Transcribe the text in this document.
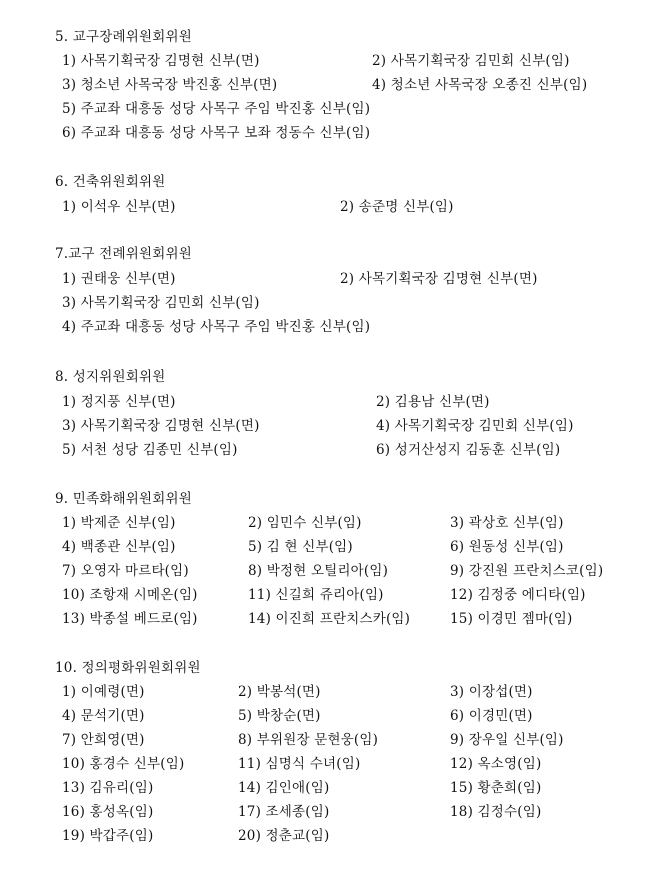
5. 교구장례위원회위원
1) 사목기획국장 김명현 신부(면)	2) 사목기획국장 김민회 신부(임)
3) 청소년 사목국장 박진홍 신부(면)	4) 청소년 사목국장 오종진 신부(임)
5) 주교좌 대흥동 성당 사목구 주임 박진홍 신부(임)
6) 주교좌 대흥동 성당 사목구 보좌 정동수 신부(임)
6. 건축위원회위원
1) 이석우 신부(면)	2) 송준명 신부(임)
7.교구 전례위원회위원
1) 권태웅 신부(면)	2) 사목기획국장 김명현 신부(면)
3) 사목기획국장 김민회 신부(임)
4) 주교좌 대흥동 성당 사목구 주임 박진홍 신부(임)
8. 성지위원회위원
1) 정지풍 신부(면)	2) 김용남 신부(면)
3) 사목기획국장 김명현 신부(면)	4) 사목기획국장 김민회 신부(임)
5) 서천 성당 김종민 신부(임)	6) 성거산성지 김동훈 신부(임)
9. 민족화해위원회위원
1) 박제준 신부(임)	2) 임민수 신부(임)	3) 곽상호 신부(임)
4) 백종관 신부(임)	5) 김 현 신부(임)	6) 원동성 신부(임)
7) 오영자 마르타(임)	8) 박정현 오틸리아(임)	9) 강진원 프란치스코(임)
10) 조항재 시메온(임)	11) 신길희 쥬리아(임)	12) 김정중 에디타(임)
13) 박종설 베드로(임)	14) 이진희 프란치스카(임)	15) 이경민 젬마(임)
10. 정의평화위원회위원
1) 이예령(면)	2) 박봉석(면)	3) 이장섭(면)
4) 문석기(면)	5) 박창순(면)	6) 이경민(면)
7) 안희영(면)	8) 부위원장 문현웅(임)	9) 장우일 신부(임)
10) 홍경수 신부(임)	11) 심명식 수녀(임)	12) 옥소영(임)
13) 김유리(임)	14) 김인애(임)	15) 황춘희(임)
16) 홍성옥(임)	17) 조세종(임)	18) 김정수(임)
19) 박갑주(임)	20) 정춘교(임)
